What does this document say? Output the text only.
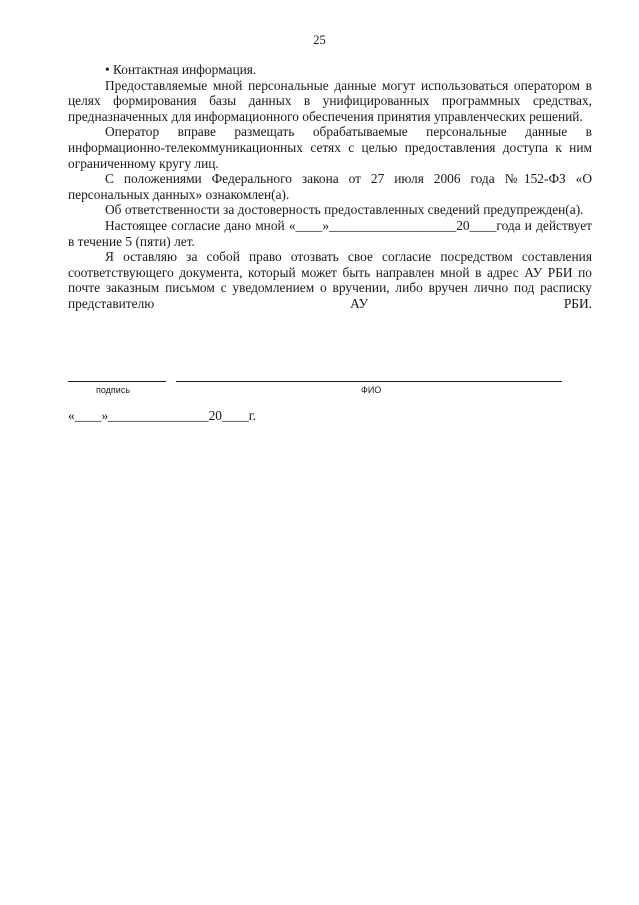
25

• Контактная информация.

Предоставляемые мной персональные данные могут использоваться оператором в целях формирования базы данных в унифицированных программных средствах, предназначенных для информационного обеспечения принятия управленческих решений.

Оператор вправе размещать обрабатываемые персональные данные в информационно-телекоммуникационных сетях с целью предоставления доступа к ним ограниченному кругу лиц.

С положениями Федерального закона от 27 июля 2006 года №152-ФЗ «О персональных данных» ознакомлен(а).

Об ответственности за достоверность предоставленных сведений предупрежден(а).

Настоящее согласие дано мной «____»___________________20____года и действует в течение 5 (пяти) лет.

Я оставляю за собой право отозвать свое согласие посредством составления соответствующего документа, который может быть направлен мной в адрес АУ РБИ по почте заказным письмом с уведомлением о вручении, либо вручен лично под расписку представителю АУ РБИ.

подпись	ФИО
«____»_______________20____г.
